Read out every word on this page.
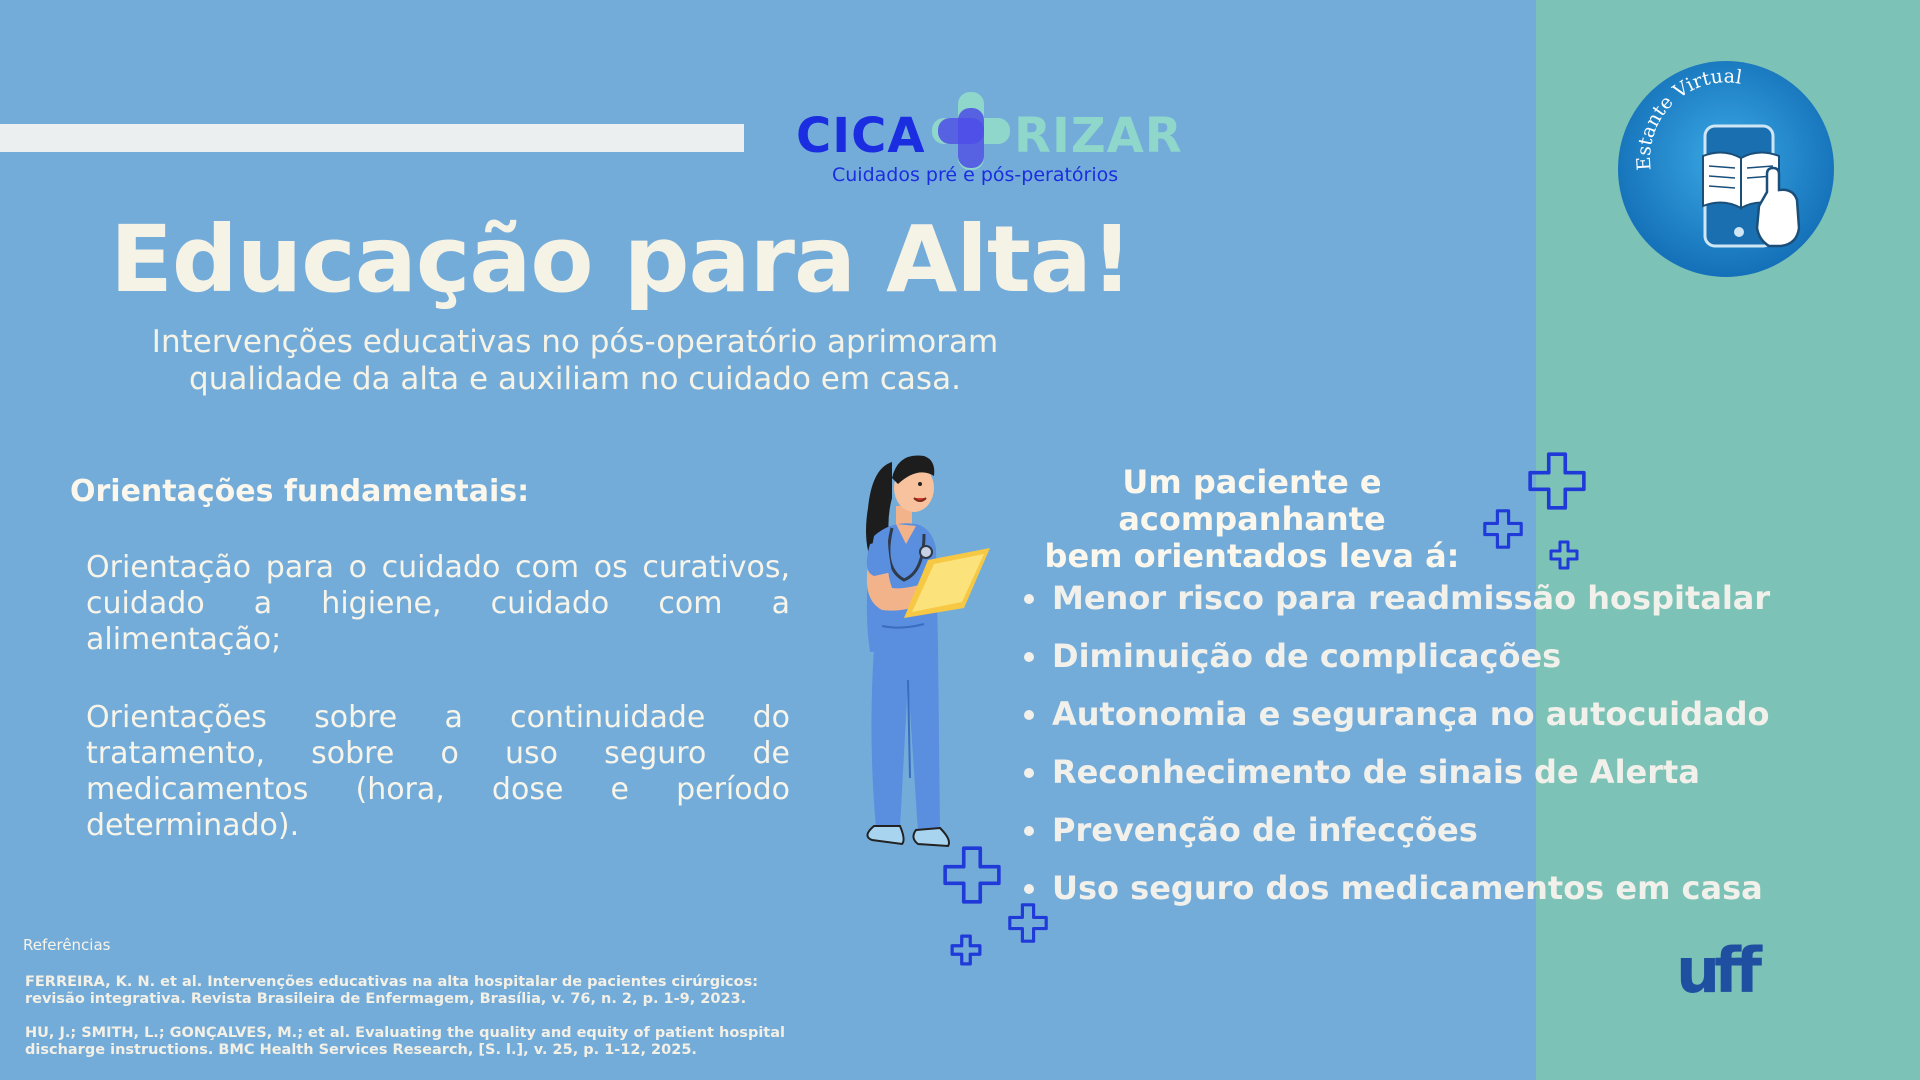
CICA RIZAR
Cuidados pré e pós-peratórios
Estante Virtual
Educação para Alta!
Intervenções educativas no pós-operatório aprimoram qualidade da alta e auxiliam no cuidado em casa.
Orientações fundamentais:

Orientação para o cuidado com os curativos, cuidado a higiene, cuidado com a alimentação;

Orientações sobre a continuidade do tratamento, sobre o uso seguro de medicamentos (hora, dose e período determinado).

Um paciente e acompanhante
bem orientados leva á:
Menor risco para readmissão hospitalar
Diminuição de complicações
Autonomia e segurança no autocuidado
Reconhecimento de sinais de Alerta
Prevenção de infecções
Uso seguro dos medicamentos em casa
Referências

FERREIRA, K. N. et al. Intervenções educativas na alta hospitalar de pacientes cirúrgicos: revisão integrativa. Revista Brasileira de Enfermagem, Brasília, v. 76, n. 2, p. 1-9, 2023.

HU, J.; SMITH, L.; GONÇALVES, M.; et al. Evaluating the quality and equity of patient hospital discharge instructions. BMC Health Services Research, [S. l.], v. 25, p. 1-12, 2025.

uff
